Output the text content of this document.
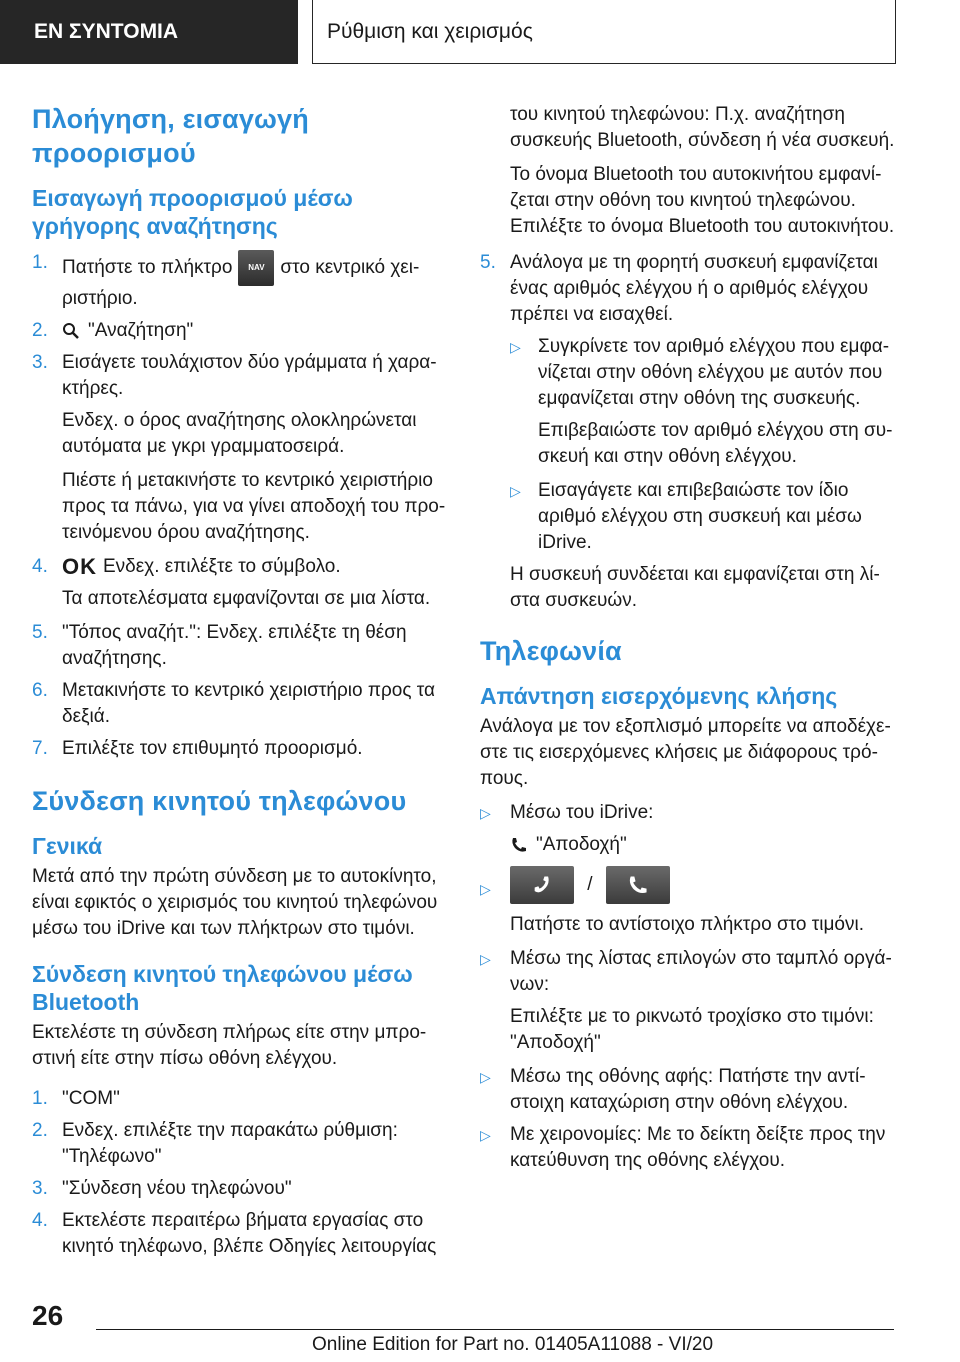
ΕΝ ΣΥΝΤΟΜΙΑ	Ρύθμιση και χειρισμός
Πλοήγηση, εισαγωγή προορισμού
Εισαγωγή προορισμού μέσω γρήγορης αναζήτησης
1. Πατήστε το πλήκτρο NAV στο κεντρικό χειριστήριο.
2. "Αναζήτηση"
3. Εισάγετε τουλάχιστον δύο γράμματα ή χαρακτήρες.
Ενδεχ. ο όρος αναζήτησης ολοκληρώνεται αυτόματα με γκρι γραμματοσειρά.
Πιέστε ή μετακινήστε το κεντρικό χειριστήριο προς τα πάνω, για να γίνει αποδοχή του προτεινόμενου όρου αναζήτησης.
4. OK Ενδεχ. επιλέξτε το σύμβολο.
Τα αποτελέσματα εμφανίζονται σε μια λίστα.
5. "Τόπος αναζήτ.": Ενδεχ. επιλέξτε τη θέση αναζήτησης.
6. Μετακινήστε το κεντρικό χειριστήριο προς τα δεξιά.
7. Επιλέξτε τον επιθυμητό προορισμό.
Σύνδεση κινητού τηλεφώνου
Γενικά
Μετά από την πρώτη σύνδεση με το αυτοκίνητο, είναι εφικτός ο χειρισμός του κινητού τηλεφώνου μέσω του iDrive και των πλήκτρων στο τιμόνι.
Σύνδεση κινητού τηλεφώνου μέσω Bluetooth
Εκτελέστε τη σύνδεση πλήρως είτε στην μπροστινή είτε στην πίσω οθόνη ελέγχου.
1. "COM"
2. Ενδεχ. επιλέξτε την παρακάτω ρύθμιση: "Τηλέφωνο"
3. "Σύνδεση νέου τηλεφώνου"
4. Εκτελέστε περαιτέρω βήματα εργασίας στο κινητό τηλέφωνο, βλέπε Οδηγίες λειτουργίας
του κινητού τηλεφώνου: Π.χ. αναζήτηση συσκευής Bluetooth, σύνδεση ή νέα συσκευή.
Το όνομα Bluetooth του αυτοκινήτου εμφανίζεται στην οθόνη του κινητού τηλεφώνου. Επιλέξτε το όνομα Bluetooth του αυτοκινήτου.
5. Ανάλογα με τη φορητή συσκευή εμφανίζεται ένας αριθμός ελέγχου ή ο αριθμός ελέγχου πρέπει να εισαχθεί.
▷ Συγκρίνετε τον αριθμό ελέγχου που εμφανίζεται στην οθόνη ελέγχου με αυτόν που εμφανίζεται στην οθόνη της συσκευής.
Επιβεβαιώστε τον αριθμό ελέγχου στη συσκευή και στην οθόνη ελέγχου.
▷ Εισαγάγετε και επιβεβαιώστε τον ίδιο αριθμό ελέγχου στη συσκευή και μέσω iDrive.
Η συσκευή συνδέεται και εμφανίζεται στη λίστα συσκευών.
Τηλεφωνία
Απάντηση εισερχόμενης κλήσης
Ανάλογα με τον εξοπλισμό μπορείτε να αποδέχεστε τις εισερχόμενες κλήσεις με διάφορους τρόπους.
▷ Μέσω του iDrive:
"Αποδοχή"
▷	/
Πατήστε το αντίστοιχο πλήκτρο στο τιμόνι.
▷ Μέσω της λίστας επιλογών στο ταμπλό οργάνων:
Επιλέξτε με το ρικνωτό τροχίσκο στο τιμόνι: "Αποδοχή"
▷ Μέσω της οθόνης αφής: Πατήστε την αντίστοιχη καταχώριση στην οθόνη ελέγχου.
▷ Με χειρονομίες: Με το δείκτη δείξτε προς την κατεύθυνση της οθόνης ελέγχου.
26
Online Edition for Part no. 01405A11088 - VI/20
